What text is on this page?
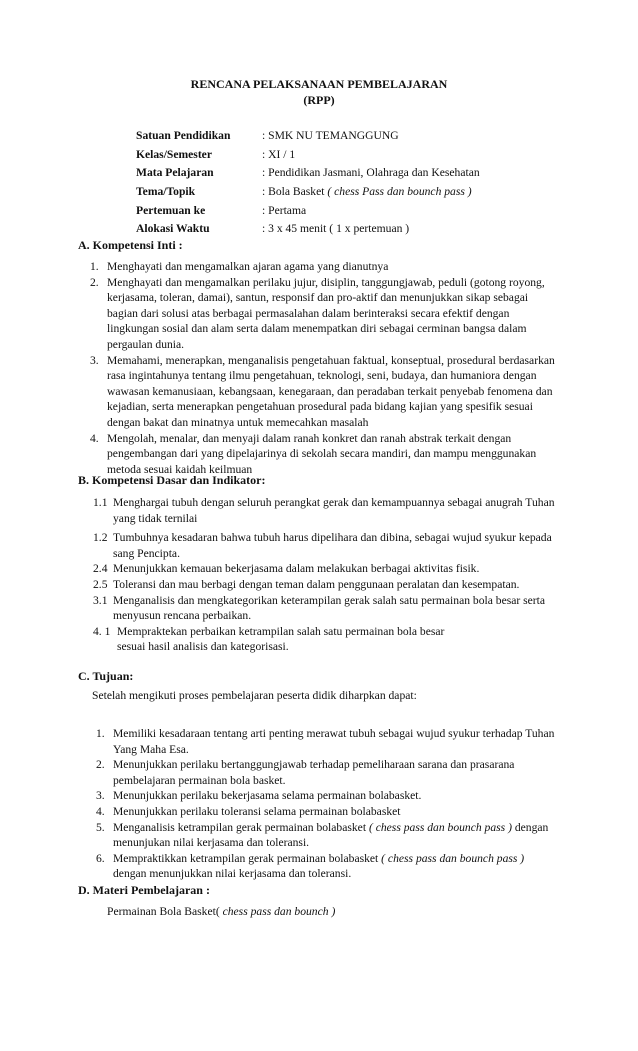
RENCANA PELAKSANAAN PEMBELAJARAN
(RPP)
Satuan Pendidikan	: SMK NU TEMANGGUNG
Kelas/Semester	: XI / 1
Mata Pelajaran	: Pendidikan Jasmani, Olahraga dan Kesehatan
Tema/Topik	: Bola Basket ( chess Pass dan bounch pass )
Pertemuan ke	: Pertama
Alokasi Waktu	: 3 x 45 menit ( 1 x pertemuan )
A. Kompetensi Inti :
1. Menghayati dan mengamalkan ajaran agama yang dianutnya
2. Menghayati dan mengamalkan perilaku jujur, disiplin, tanggungjawab, peduli (gotong royong, kerjasama, toleran, damai), santun, responsif dan pro-aktif dan menunjukkan sikap sebagai bagian dari solusi atas berbagai permasalahan dalam berinteraksi secara efektif dengan lingkungan sosial dan alam serta dalam menempatkan diri sebagai cerminan bangsa dalam pergaulan dunia.
3. Memahami, menerapkan, menganalisis pengetahuan faktual, konseptual, prosedural berdasarkan rasa ingintahunya tentang ilmu pengetahuan, teknologi, seni, budaya, dan humaniora dengan wawasan kemanusiaan, kebangsaan, kenegaraan, dan peradaban terkait penyebab fenomena dan kejadian, serta menerapkan pengetahuan prosedural pada bidang kajian yang spesifik sesuai dengan bakat dan minatnya untuk memecahkan masalah
4. Mengolah, menalar, dan menyaji dalam ranah konkret dan ranah abstrak terkait dengan pengembangan dari yang dipelajarinya di sekolah secara mandiri, dan mampu menggunakan metoda sesuai kaidah keilmuan
B. Kompetensi Dasar dan Indikator:
1.1 Menghargai tubuh dengan seluruh perangkat gerak dan kemampuannya sebagai anugrah Tuhan yang tidak ternilai
1.2 Tumbuhnya kesadaran bahwa tubuh harus dipelihara dan dibina, sebagai wujud syukur kepada sang Pencipta.
2.4 Menunjukkan kemauan bekerjasama dalam melakukan berbagai aktivitas fisik.
2.5 Toleransi dan mau berbagi dengan teman dalam penggunaan peralatan dan kesempatan.
3.1 Menganalisis dan mengkategorikan keterampilan gerak salah satu permainan bola besar serta menyusun rencana perbaikan.
4. 1 Mempraktekan perbaikan ketrampilan salah satu permainan bola besar sesuai hasil analisis dan kategorisasi.
C. Tujuan:
Setelah mengikuti proses pembelajaran peserta didik diharpkan dapat:
1. Memiliki kesadaraan tentang arti penting merawat tubuh sebagai wujud syukur terhadap Tuhan Yang Maha Esa.
2. Menunjukkan perilaku bertanggungjawab terhadap pemeliharaan sarana dan prasarana pembelajaran permainan bola basket.
3. Menunjukkan perilaku bekerjasama selama permainan bolabasket.
4. Menunjukkan perilaku toleransi selama permainan bolabasket
5. Menganalisis ketrampilan gerak permainan bolabasket ( chess pass dan bounch pass ) dengan menunjukan nilai kerjasama dan toleransi.
6. Mempraktikkan ketrampilan gerak permainan bolabasket ( chess pass dan bounch pass ) dengan menunjukkan nilai kerjasama dan toleransi.
D. Materi Pembelajaran :
Permainan Bola Basket( chess pass dan bounch )
